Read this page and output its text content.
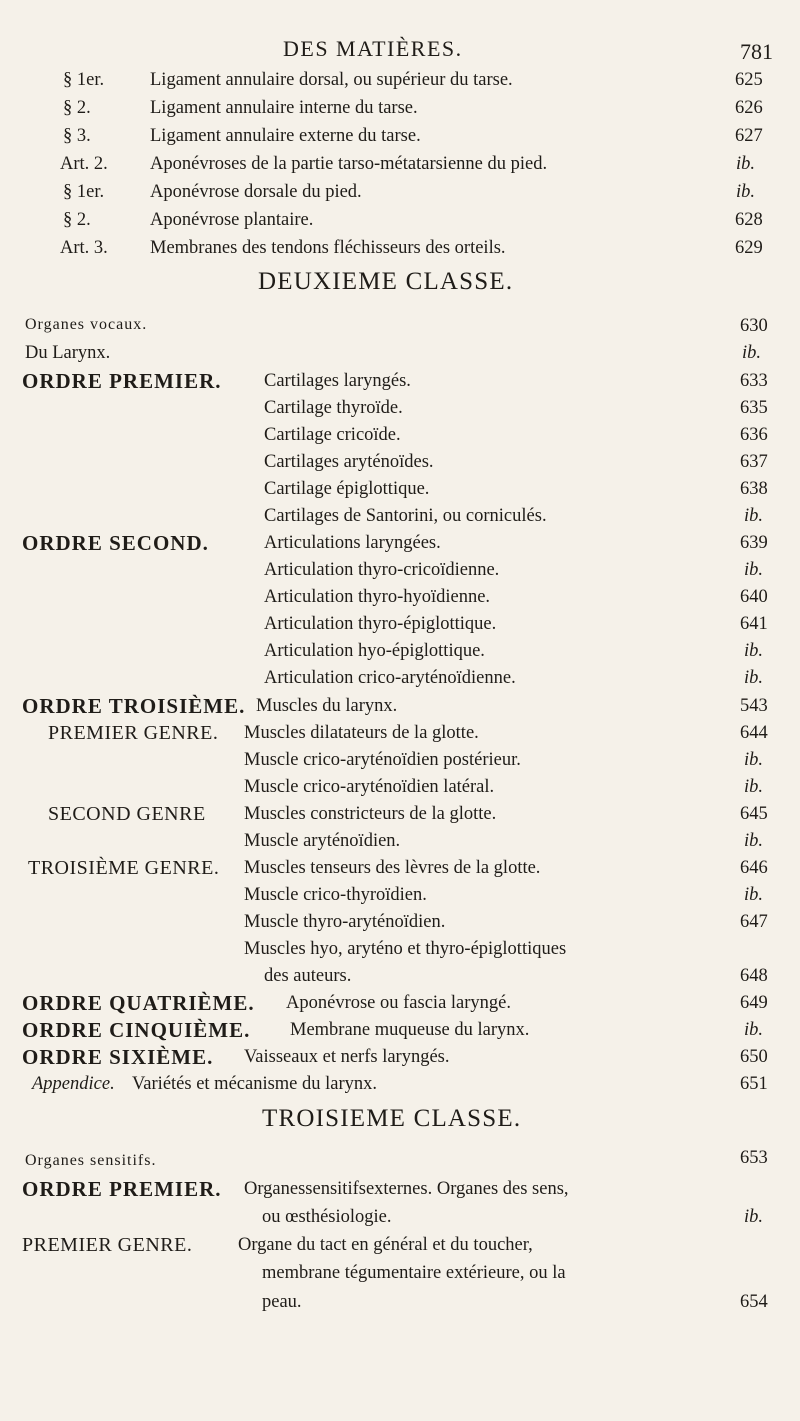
DES MATIÈRES.	781
§ 1er. Ligament annulaire dorsal, ou supérieur du tarse.	625
§ 2.	Ligament annulaire interne du tarse.	626
§ 3.	Ligament annulaire externe du tarse.	627
Art. 2. Aponévroses de la partie tarso-métatarsienne du pied.	ib.
§ 1er. Aponévrose dorsale du pied.	ib.
§ 2.	Aponévrose plantaire.	628
Art. 3. Membranes des tendons fléchisseurs des orteils.	629
DEUXIEME CLASSE.
Organes vocaux.	630
Du Larynx.	ib.
ORDRE PREMIER. Cartilages laryngés.	633
Cartilage thyroïde.	635
Cartilage cricoïde.	636
Cartilages aryténoïdes.	637
Cartilage épiglottique.	638
Cartilages de Santorini, ou corniculés.	ib.
ORDRE SECOND.	Articulations laryngées.	639
Articulation thyro-cricoïdienne.	ib.
Articulation thyro-hyoïdienne.	640
Articulation thyro-épiglottique.	641
Articulation hyo-épiglottique.	ib.
Articulation crico-aryténoïdienne.	ib.
ORDRE TROISIÈME. Muscles du larynx.	543
PREMIER GENRE. Muscles dilatateurs de la glotte.	644
Muscle crico-aryténoïdien postérieur.	ib.
Muscle crico-aryténoïdien latéral.	ib.
SECOND GENRE Muscles constricteurs de la glotte.	645
Muscle aryténoïdien.	ib.
TROISIÈME GENRE. Muscles tenseurs des lèvres de la glotte.	646
Muscle crico-thyroïdien.	ib.
Muscle thyro-aryténoïdien.	647
Muscles hyo, aryténo et thyro-épiglottiques
des auteurs.	648
ORDRE QUATRIÈME. Aponévrose ou fascia laryngé.	649
ORDRE CINQUIÈME. Membrane muqueuse du larynx.	ib.
ORDRE SIXIÈME. Vaisseaux et nerfs laryngés.	650
Appendice. Variétés et mécanisme du larynx.	651
TROISIEME CLASSE.
Organes sensitifs.	653
ORDRE PREMIER. Organessensitifsexternes. Organes des sens,
ou œsthésiologie.	ib.
PREMIER GENRE. Organe du tact en général et du toucher,
membrane tégumentaire extérieure, ou la
peau.	654
